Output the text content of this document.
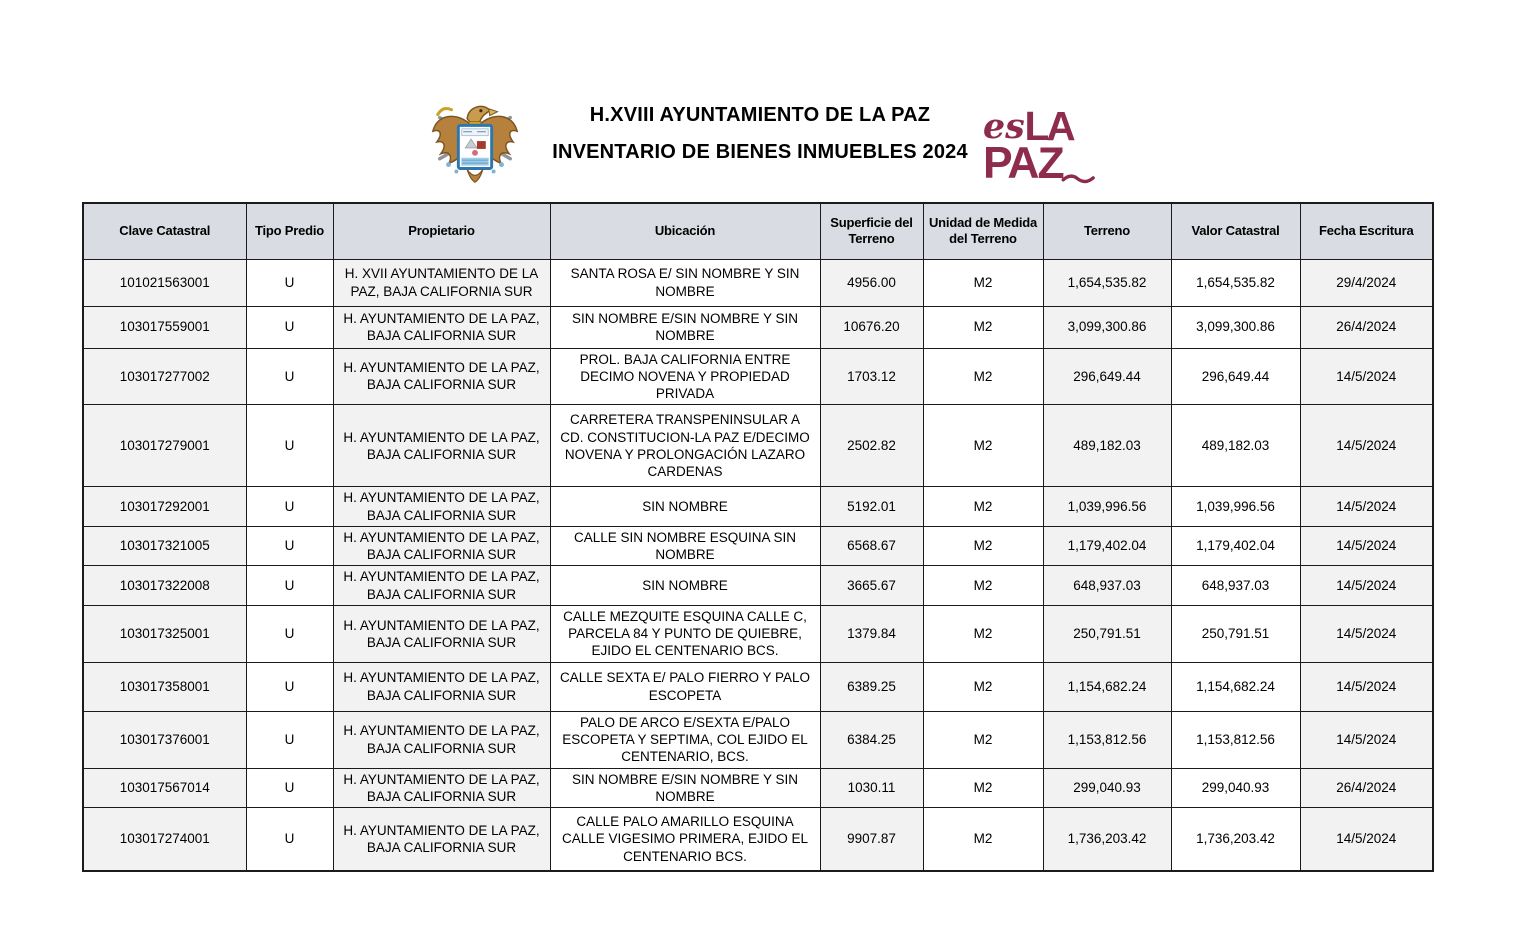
H.XVIII AYUNTAMIENTO DE LA PAZ
INVENTARIO DE BIENES INMUEBLES 2024
es LA
PAZ
Clave Catastral	Tipo Predio	Propietario	Ubicación	Superficie del Terreno	Unidad de Medida del Terreno	Terreno	Valor Catastral	Fecha Escritura
101021563001	U	H. XVII AYUNTAMIENTO DE LA PAZ, BAJA CALIFORNIA SUR	SANTA ROSA E/ SIN NOMBRE Y SIN NOMBRE	4956.00	M2	1,654,535.82	1,654,535.82	29/4/2024
103017559001	U	H. AYUNTAMIENTO DE LA PAZ, BAJA CALIFORNIA SUR	SIN NOMBRE E/SIN NOMBRE Y SIN NOMBRE	10676.20	M2	3,099,300.86	3,099,300.86	26/4/2024
103017277002	U	H. AYUNTAMIENTO DE LA PAZ, BAJA CALIFORNIA SUR	PROL. BAJA CALIFORNIA ENTRE DECIMO NOVENA Y PROPIEDAD PRIVADA	1703.12	M2	296,649.44	296,649.44	14/5/2024
103017279001	U	H. AYUNTAMIENTO DE LA PAZ, BAJA CALIFORNIA SUR	CARRETERA TRANSPENINSULAR A CD. CONSTITUCION-LA PAZ E/DECIMO NOVENA Y PROLONGACIÓN LAZARO CARDENAS	2502.82	M2	489,182.03	489,182.03	14/5/2024
103017292001	U	H. AYUNTAMIENTO DE LA PAZ, BAJA CALIFORNIA SUR	SIN NOMBRE	5192.01	M2	1,039,996.56	1,039,996.56	14/5/2024
103017321005	U	H. AYUNTAMIENTO DE LA PAZ, BAJA CALIFORNIA SUR	CALLE SIN NOMBRE ESQUINA SIN NOMBRE	6568.67	M2	1,179,402.04	1,179,402.04	14/5/2024
103017322008	U	H. AYUNTAMIENTO DE LA PAZ, BAJA CALIFORNIA SUR	SIN NOMBRE	3665.67	M2	648,937.03	648,937.03	14/5/2024
103017325001	U	H. AYUNTAMIENTO DE LA PAZ, BAJA CALIFORNIA SUR	CALLE MEZQUITE ESQUINA CALLE C, PARCELA 84 Y PUNTO DE QUIEBRE, EJIDO EL CENTENARIO BCS.	1379.84	M2	250,791.51	250,791.51	14/5/2024
103017358001	U	H. AYUNTAMIENTO DE LA PAZ, BAJA CALIFORNIA SUR	CALLE SEXTA E/ PALO FIERRO Y PALO ESCOPETA	6389.25	M2	1,154,682.24	1,154,682.24	14/5/2024
103017376001	U	H. AYUNTAMIENTO DE LA PAZ, BAJA CALIFORNIA SUR	PALO DE ARCO E/SEXTA E/PALO ESCOPETA Y SEPTIMA, COL EJIDO EL CENTENARIO, BCS.	6384.25	M2	1,153,812.56	1,153,812.56	14/5/2024
103017567014	U	H. AYUNTAMIENTO DE LA PAZ, BAJA CALIFORNIA SUR	SIN NOMBRE E/SIN NOMBRE Y SIN NOMBRE	1030.11	M2	299,040.93	299,040.93	26/4/2024
103017274001	U	H. AYUNTAMIENTO DE LA PAZ, BAJA CALIFORNIA SUR	CALLE PALO AMARILLO ESQUINA CALLE VIGESIMO PRIMERA, EJIDO EL CENTENARIO BCS.	9907.87	M2	1,736,203.42	1,736,203.42	14/5/2024
